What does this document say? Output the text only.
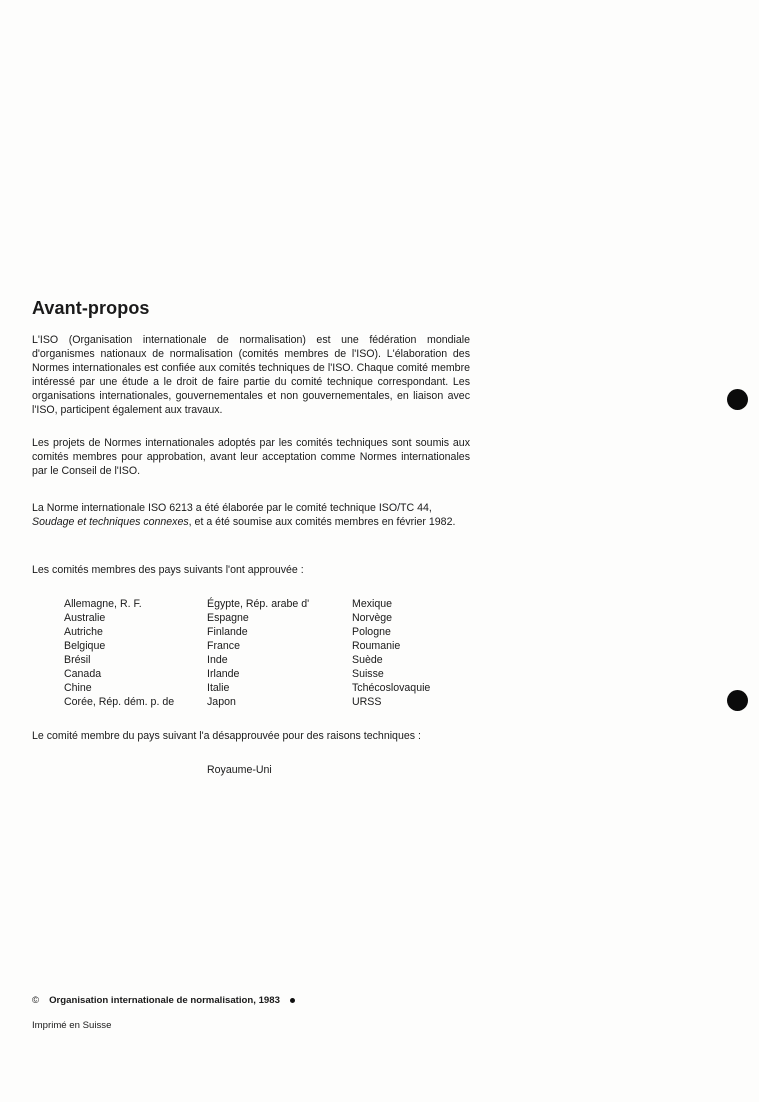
Avant-propos
L'ISO (Organisation internationale de normalisation) est une fédération mondiale d'organismes nationaux de normalisation (comités membres de l'ISO). L'élaboration des Normes internationales est confiée aux comités techniques de l'ISO. Chaque comité membre intéressé par une étude a le droit de faire partie du comité technique correspondant. Les organisations internationales, gouvernementales et non gouvernementales, en liaison avec l'ISO, participent également aux travaux.
Les projets de Normes internationales adoptés par les comités techniques sont soumis aux comités membres pour approbation, avant leur acceptation comme Normes internationales par le Conseil de l'ISO.
La Norme internationale ISO 6213 a été élaborée par le comité technique ISO/TC 44,
Soudage et techniques connexes, et a été soumise aux comités membres en février 1982.
Les comités membres des pays suivants l'ont approuvée :
Allemagne, R. F.
Australie
Autriche
Belgique
Brésil
Canada
Chine
Corée, Rép. dém. p. de
Égypte, Rép. arabe d'
Espagne
Finlande
France
Inde
Irlande
Italie
Japon
Mexique
Norvège
Pologne
Roumanie
Suède
Suisse
Tchécoslovaquie
URSS
Le comité membre du pays suivant l'a désapprouvée pour des raisons techniques :
Royaume-Uni
© Organisation internationale de normalisation, 1983
Imprimé en Suisse
